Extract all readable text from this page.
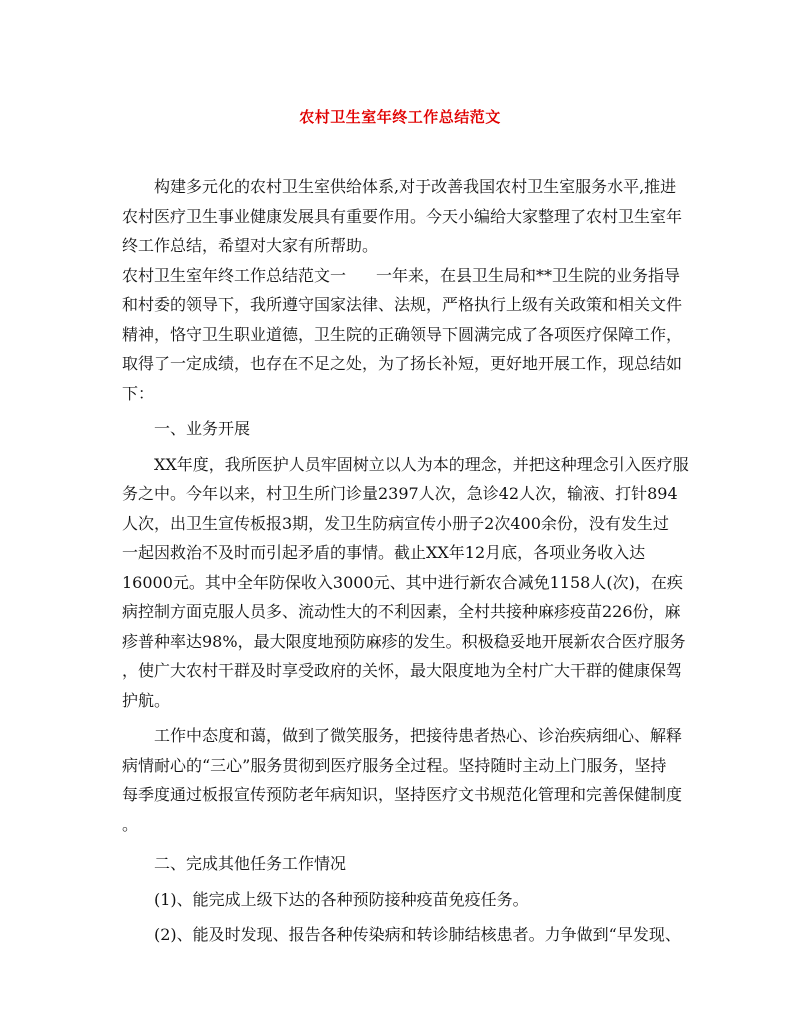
农村卫生室年终工作总结范文
构建多元化的农村卫生室供给体系,对于改善我国农村卫生室服务水平,推进
农村医疗卫生事业健康发展具有重要作用。今天小编给大家整理了农村卫生室年
终工作总结，希望对大家有所帮助。
农村卫生室年终工作总结范文一 一年来，在县卫生局和**卫生院的业务指导
和村委的领导下，我所遵守国家法律、法规，严格执行上级有关政策和相关文件
精神，恪守卫生职业道德，卫生院的正确领导下圆满完成了各项医疗保障工作，
取得了一定成绩，也存在不足之处，为了扬长补短，更好地开展工作，现总结如
下：
一、业务开展
XX年度，我所医护人员牢固树立以人为本的理念，并把这种理念引入医疗服
务之中。今年以来，村卫生所门诊量2397人次，急诊42人次，输液、打针894
人次，出卫生宣传板报3期，发卫生防病宣传小册子2次400余份，没有发生过
一起因救治不及时而引起矛盾的事情。截止XX年12月底，各项业务收入达
16000元。其中全年防保收入3000元、其中进行新农合减免1158人(次)，在疾
病控制方面克服人员多、流动性大的不利因素，全村共接种麻疹疫苗226份，麻
疹普种率达98%，最大限度地预防麻疹的发生。积极稳妥地开展新农合医疗服务
，使广大农村干群及时享受政府的关怀，最大限度地为全村广大干群的健康保驾
护航。
工作中态度和蔼，做到了微笑服务，把接待患者热心、诊治疾病细心、解释
病情耐心的“三心”服务贯彻到医疗服务全过程。坚持随时主动上门服务，坚持
每季度通过板报宣传预防老年病知识，坚持医疗文书规范化管理和完善保健制度
。
二、完成其他任务工作情况
(1)、能完成上级下达的各种预防接种疫苗免疫任务。
(2)、能及时发现、报告各种传染病和转诊肺结核患者。力争做到“早发现、
